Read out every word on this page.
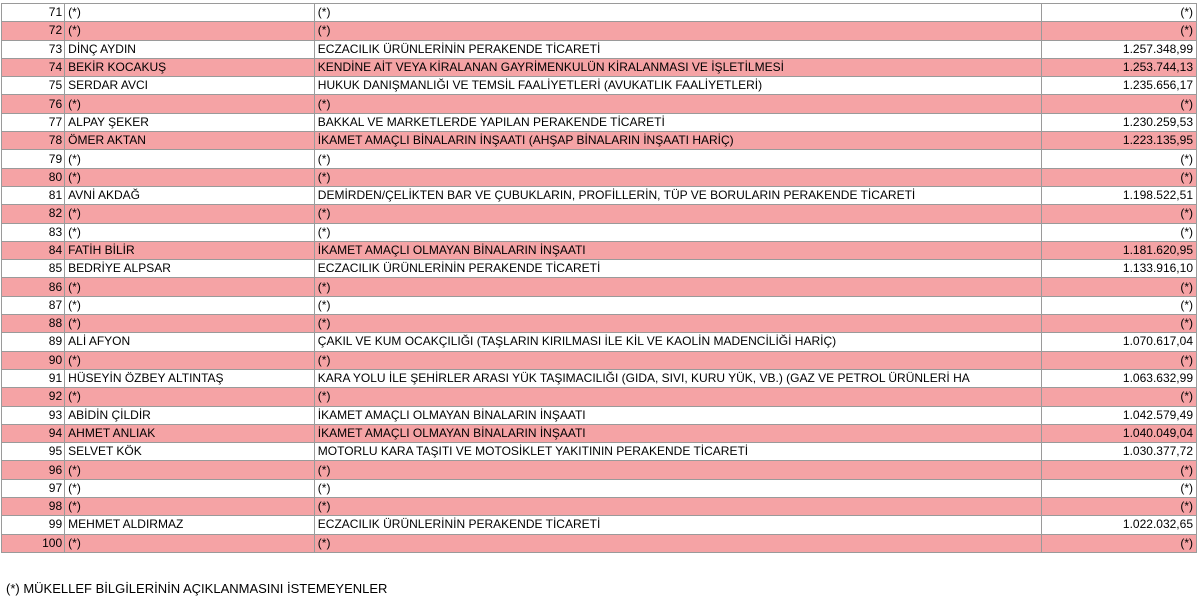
71	(*)	(*)	(*)
72	(*)	(*)	(*)
73	DİNÇ AYDIN	ECZACILIK ÜRÜNLERİNİN PERAKENDE TİCARETİ	1.257.348,99
74	BEKİR KOCAKUŞ	KENDİNE AİT VEYA KİRALANAN GAYRİMENKULÜN KİRALANMASI VE İŞLETİLMESİ	1.253.744,13
75	SERDAR AVCI	HUKUK DANIŞMANLIĞI VE TEMSİL FAALİYETLERİ (AVUKATLIK FAALİYETLERİ)	1.235.656,17
76	(*)	(*)	(*)
77	ALPAY ŞEKER	BAKKAL VE MARKETLERDE YAPILAN PERAKENDE TİCARETİ	1.230.259,53
78	ÖMER AKTAN	İKAMET AMAÇLI BİNALARIN İNŞAATI (AHŞAP BİNALARIN İNŞAATI HARİÇ)	1.223.135,95
79	(*)	(*)	(*)
80	(*)	(*)	(*)
81	AVNİ AKDAĞ	DEMİRDEN/ÇELİKTEN BAR VE ÇUBUKLARIN, PROFİLLERİN, TÜP VE BORULARIN PERAKENDE TİCARETİ	1.198.522,51
82	(*)	(*)	(*)
83	(*)	(*)	(*)
84	FATİH BİLİR	İKAMET AMAÇLI OLMAYAN BİNALARIN İNŞAATI	1.181.620,95
85	BEDRİYE ALPSAR	ECZACILIK ÜRÜNLERİNİN PERAKENDE TİCARETİ	1.133.916,10
86	(*)	(*)	(*)
87	(*)	(*)	(*)
88	(*)	(*)	(*)
89	ALİ AFYON	ÇAKIL VE KUM OCAKÇILIĞI (TAŞLARIN KIRILMASI İLE KİL VE KAOLİN MADENCİLİĞİ HARİÇ)	1.070.617,04
90	(*)	(*)	(*)
91	HÜSEYİN ÖZBEY ALTINTAŞ	KARA YOLU İLE ŞEHİRLER ARASI YÜK TAŞIMACILIĞI (GIDA, SIVI, KURU YÜK, VB.) (GAZ VE PETROL ÜRÜNLERİ HA	1.063.632,99
92	(*)	(*)	(*)
93	ABİDİN ÇİLDİR	İKAMET AMAÇLI OLMAYAN BİNALARIN İNŞAATI	1.042.579,49
94	AHMET ANLIAK	İKAMET AMAÇLI OLMAYAN BİNALARIN İNŞAATI	1.040.049,04
95	SELVET KÖK	MOTORLU KARA TAŞITI VE MOTOSİKLET YAKITININ PERAKENDE TİCARETİ	1.030.377,72
96	(*)	(*)	(*)
97	(*)	(*)	(*)
98	(*)	(*)	(*)
99	MEHMET ALDIRMAZ	ECZACILIK ÜRÜNLERİNİN PERAKENDE TİCARETİ	1.022.032,65
100	(*)	(*)	(*)
(*) MÜKELLEF BİLGİLERİNİN AÇIKLANMASINI İSTEMEYENLER
